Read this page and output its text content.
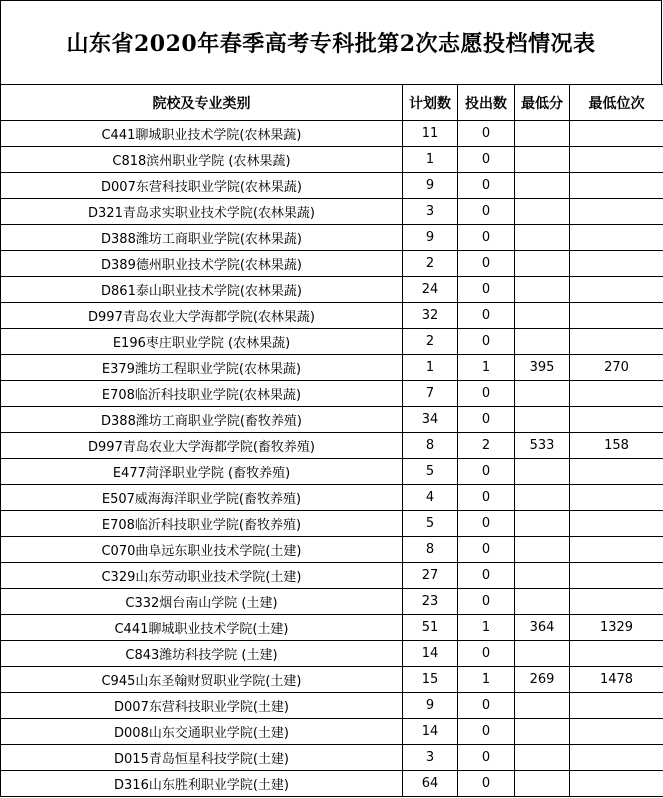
山东省2020年春季高考专科批第2次志愿投档情况表
院校及专业类别	计划数	投出数	最低分	最低位次
C441聊城职业技术学院(农林果蔬)	11	0		
C818滨州职业学院 (农林果蔬)	1	0		
D007东营科技职业学院(农林果蔬)	9	0		
D321青岛求实职业技术学院(农林果蔬)	3	0		
D388潍坊工商职业学院(农林果蔬)	9	0		
D389德州职业技术学院(农林果蔬)	2	0		
D861泰山职业技术学院(农林果蔬)	24	0		
D997青岛农业大学海都学院(农林果蔬)	32	0		
E196枣庄职业学院 (农林果蔬)	2	0		
E379潍坊工程职业学院(农林果蔬)	1	1	395	270
E708临沂科技职业学院(农林果蔬)	7	0		
D388潍坊工商职业学院(畜牧养殖)	34	0		
D997青岛农业大学海都学院(畜牧养殖)	8	2	533	158
E477菏泽职业学院 (畜牧养殖)	5	0		
E507威海海洋职业学院(畜牧养殖)	4	0		
E708临沂科技职业学院(畜牧养殖)	5	0		
C070曲阜远东职业技术学院(土建)	8	0		
C329山东劳动职业技术学院(土建)	27	0		
C332烟台南山学院 (土建)	23	0		
C441聊城职业技术学院(土建)	51	1	364	1329
C843潍坊科技学院 (土建)	14	0		
C945山东圣翰财贸职业学院(土建)	15	1	269	1478
D007东营科技职业学院(土建)	9	0		
D008山东交通职业学院(土建)	14	0		
D015青岛恒星科技学院(土建)	3	0		
D316山东胜利职业学院(土建)	64	0		
